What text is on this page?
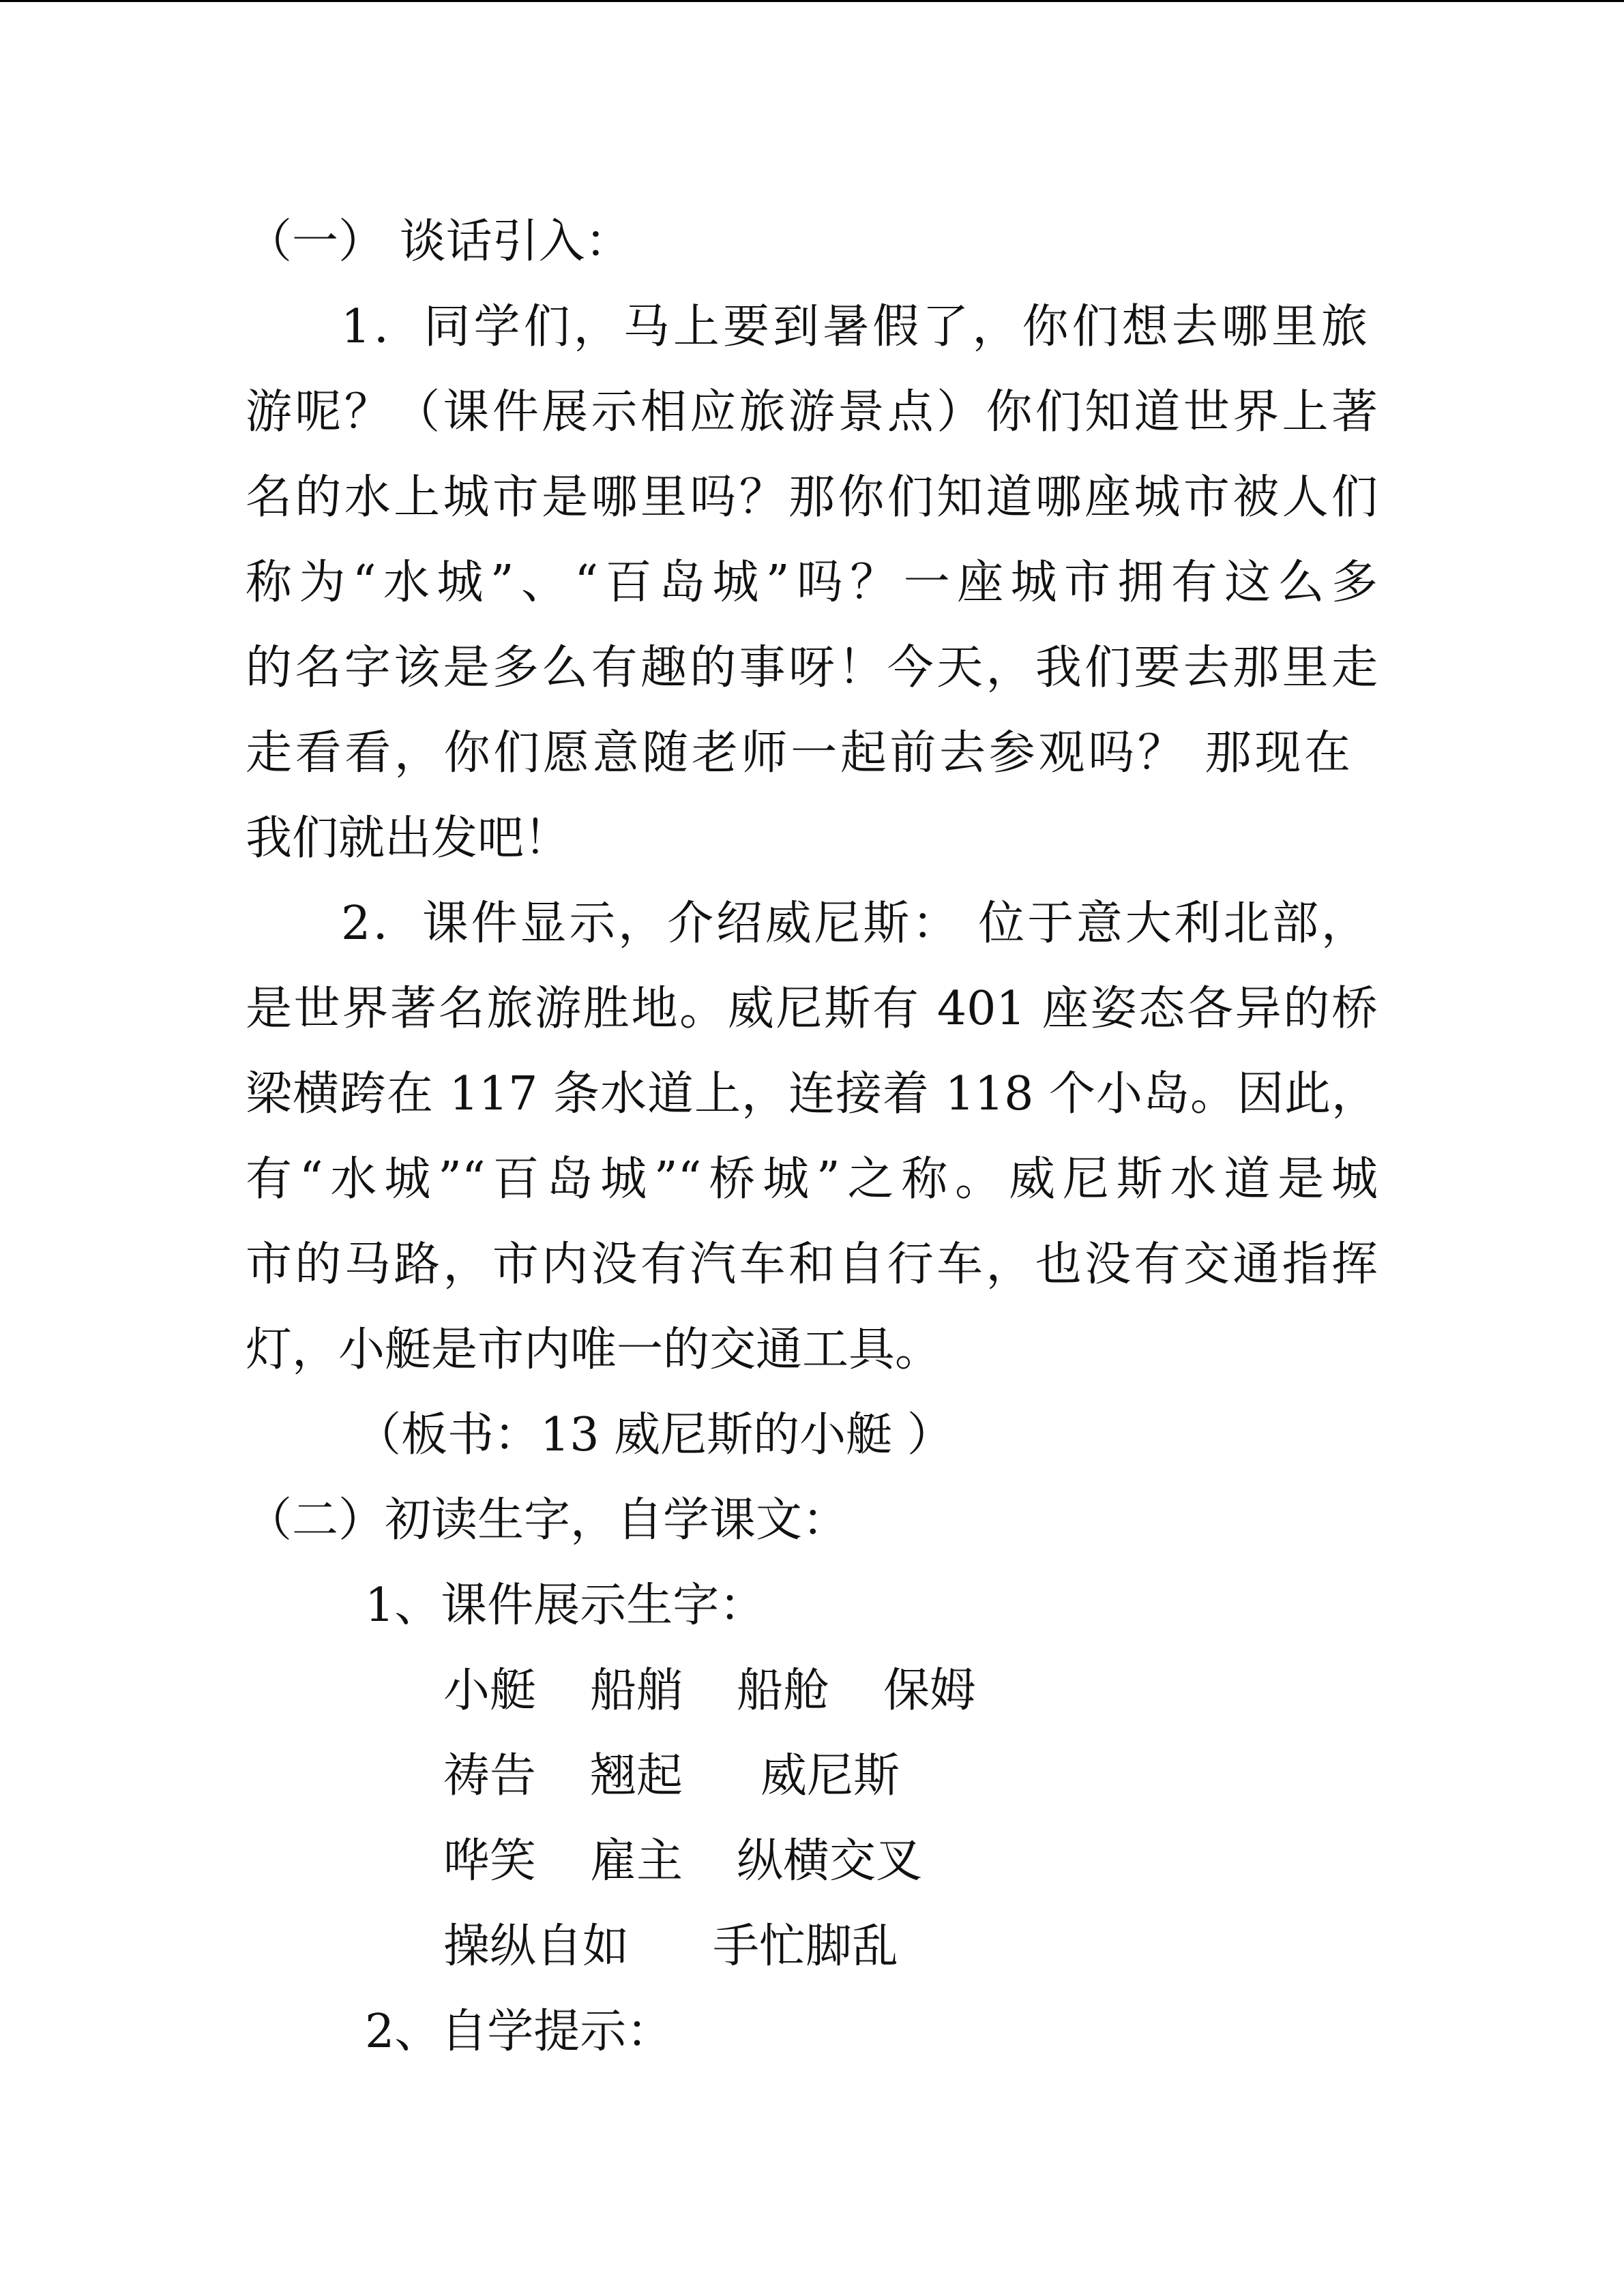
（一） 谈话引入：
1．同学们，马上要到暑假了，你们想去哪里旅
游呢？（课件展示相应旅游景点）你们知道世界上著
名的水上城市是哪里吗？那你们知道哪座城市被人们
称为“水城”、“百岛城”吗？一座城市拥有这么多
的名字该是多么有趣的事呀！今天，我们要去那里走
走看看，你们愿意随老师一起前去参观吗？ 那现在
我们就出发吧！
2．课件显示，介绍威尼斯： 位于意大利北部，
是世界著名旅游胜地。威尼斯有 401 座姿态各异的桥
梁横跨在 117 条水道上，连接着 118 个小岛。因此，
有“水城”“百岛城”“桥城”之称。威尼斯水道是城
市的马路，市内没有汽车和自行车，也没有交通指挥
灯，小艇是市内唯一的交通工具。
（板书：13 威尼斯的小艇 ）
（二）初读生字，自学课文：
1、课件展示生字：
小艇 船艄 船舱 保姆
祷告 翘起 威尼斯
哗笑 雇主 纵横交叉
操纵自如 手忙脚乱
2、自学提示：
